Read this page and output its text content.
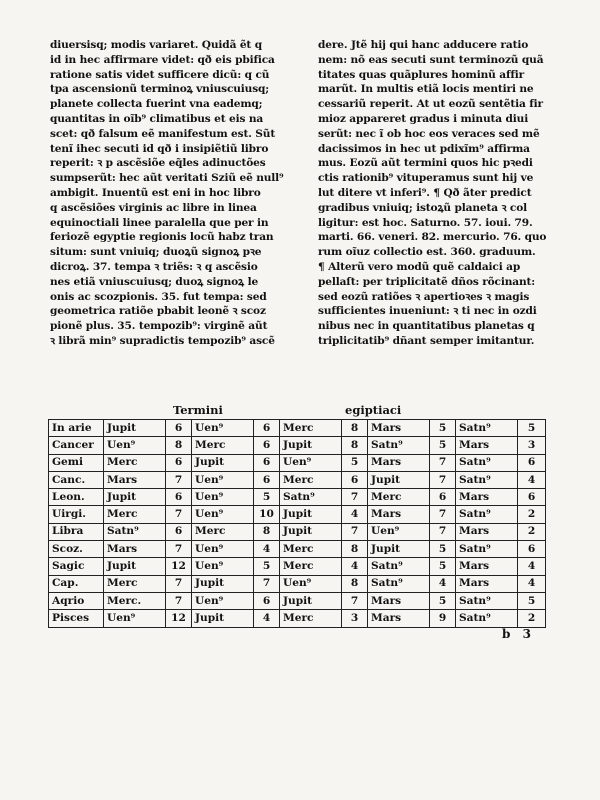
diuersisq; modis variaret. Quidã ẽt q
id in hec affirmare videt: qð eis pbifica
ratione satis videt sufficere dicũ: q cũ
tpa ascensionũ terminoꝝ vniuscuiusq;
planete collecta fuerint vna eademq;
quantitas in oĩb⁹ climatibus et eis na
scet: qð falsum eẽ manifestum est. Sũt
tenĩ ihec secuti id qð i insipiẽtiũ libro
reperit: ꝛ p ascẽsiõe eq̃les adinuctões
sumpserũt: hec aũt veritati Sziũ eẽ null⁹
ambigit. Inuentũ est eni in hoc libro
q ascẽsiões virginis ac libre in linea
equinoctiali linee paralella que per in
feriozẽ egyptie regionis locũ habz tran
situm: sunt vniuiq; duoꝝũ signoꝝ pꝛe
dicroꝝ. 37. tempa ꝛ triẽs: ꝛ q ascẽsio
nes etiã vniuscuiusq; duoꝝ signoꝝ le
onis ac scozpionis. 35. fut tempa: sed
geometrica ratiõe pbabit leonẽ ꝛ scoz
pionẽ plus. 35. tempozib⁹: virginẽ aũt
ꝛ librã min⁹ supradictis tempozib⁹ ascẽ
dere. Jtẽ hij qui hanc adducere ratio
nem: nõ eas secuti sunt terminozũ quã
titates quas quãplures hominũ affir
marũt. In multis etiã locis mentiri ne
cessariũ reperit. At ut eozũ sentẽtia fir
mioz appareret gradus i minuta diui
serũt: nec ĩ ob hoc eos veraces sed mẽ
dacissimos in hec ut pdixĩm⁹ affirma
mus. Eozũ aũt termini quos hic pꝛedi
ctis rationib⁹ vituperamus sunt hij ve
lut ditere vt inferi⁹. ¶ Qð ãter predict
gradibus vniuiq; istoꝝũ planeta ꝛ col
ligitur: est hoc. Saturno. 57. ioui. 79.
marti. 66. veneri. 82. mercurio. 76. quo
rum oĩuz collectio est. 360. graduum.
¶ Alterũ vero modũ quẽ caldaici ap
pellaſt: per triplicitatẽ dños rõcinant:
sed eozũ ratiões ꝛ apertioꝛes ꝛ magis
sufficientes inueniunt: ꝛ ti nec in ozdi
nibus nec in quantitatibus planetas q
triplicitatib⁹ dñant semper imitantur.
Termini	egiptiaci
In arie	Jupit	6	Uen⁹	6	Merc	8	Mars	5	Satn⁹	5
Cancer	Uen⁹	8	Merc	6	Jupit	8	Satn⁹	5	Mars	3
Gemi	Merc	6	Jupit	6	Uen⁹	5	Mars	7	Satn⁹	6
Canc.	Mars	7	Uen⁹	6	Merc	6	Jupit	7	Satn⁹	4
Leon.	Jupit	6	Uen⁹	5	Satn⁹	7	Merc	6	Mars	6
Uirgi.	Merc	7	Uen⁹	10	Jupit	4	Mars	7	Satn⁹	2
Libra	Satn⁹	6	Merc	8	Jupit	7	Uen⁹	7	Mars	2
Scoz.	Mars	7	Uen⁹	4	Merc	8	Jupit	5	Satn⁹	6
Sagic	Jupit	12	Uen⁹	5	Merc	4	Satn⁹	5	Mars	4
Cap.	Merc	7	Jupit	7	Uen⁹	8	Satn⁹	4	Mars	4
Aqrio	Merc.	7	Uen⁹	6	Jupit	7	Mars	5	Satn⁹	5
Pisces	Uen⁹	12	Jupit	4	Merc	3	Mars	9	Satn⁹	2
b 3
